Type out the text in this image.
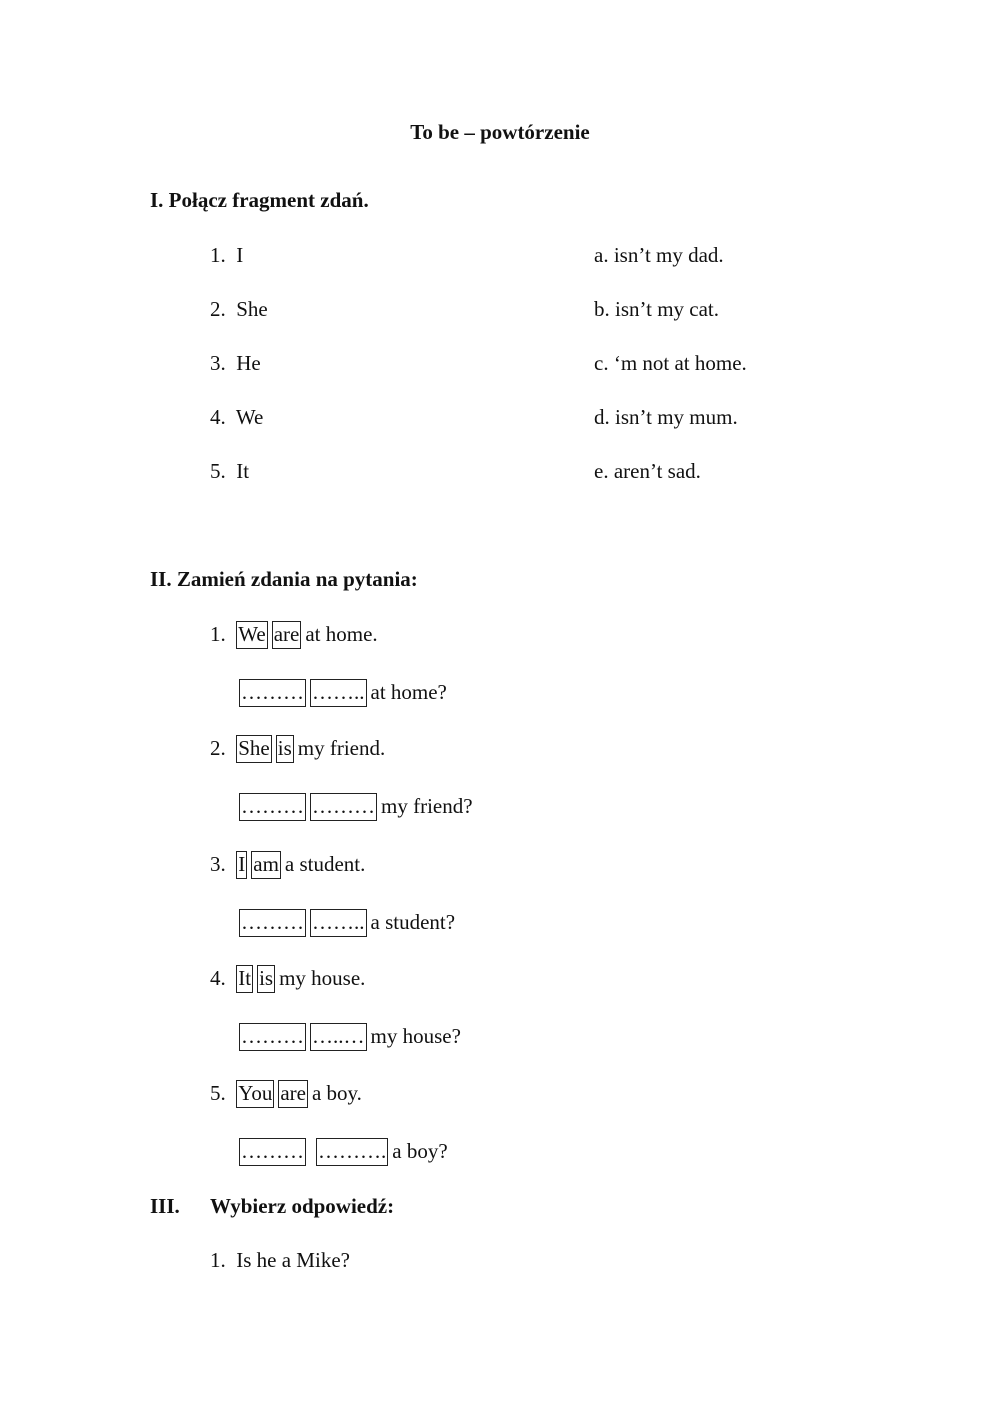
To be – powtórzenie
I. Połącz fragment zdań.
1. I
2. She
3. He
4. We
5. It
a. isn’t my dad.
b. isn’t my cat.
c. ‘m not at home.
d. isn’t my mum.
e. aren’t sad.
II. Zamień zdania na pytania:
1. We are at home.
……… …….. at home?
2. She is my friend.
……… ……… my friend?
3. I am a student.
……… …….. a student?
4. It is my house.
……… …..… my house?
5. You are a boy.
……… ………. a boy?
III. Wybierz odpowiedź:
1. Is he a Mike?
